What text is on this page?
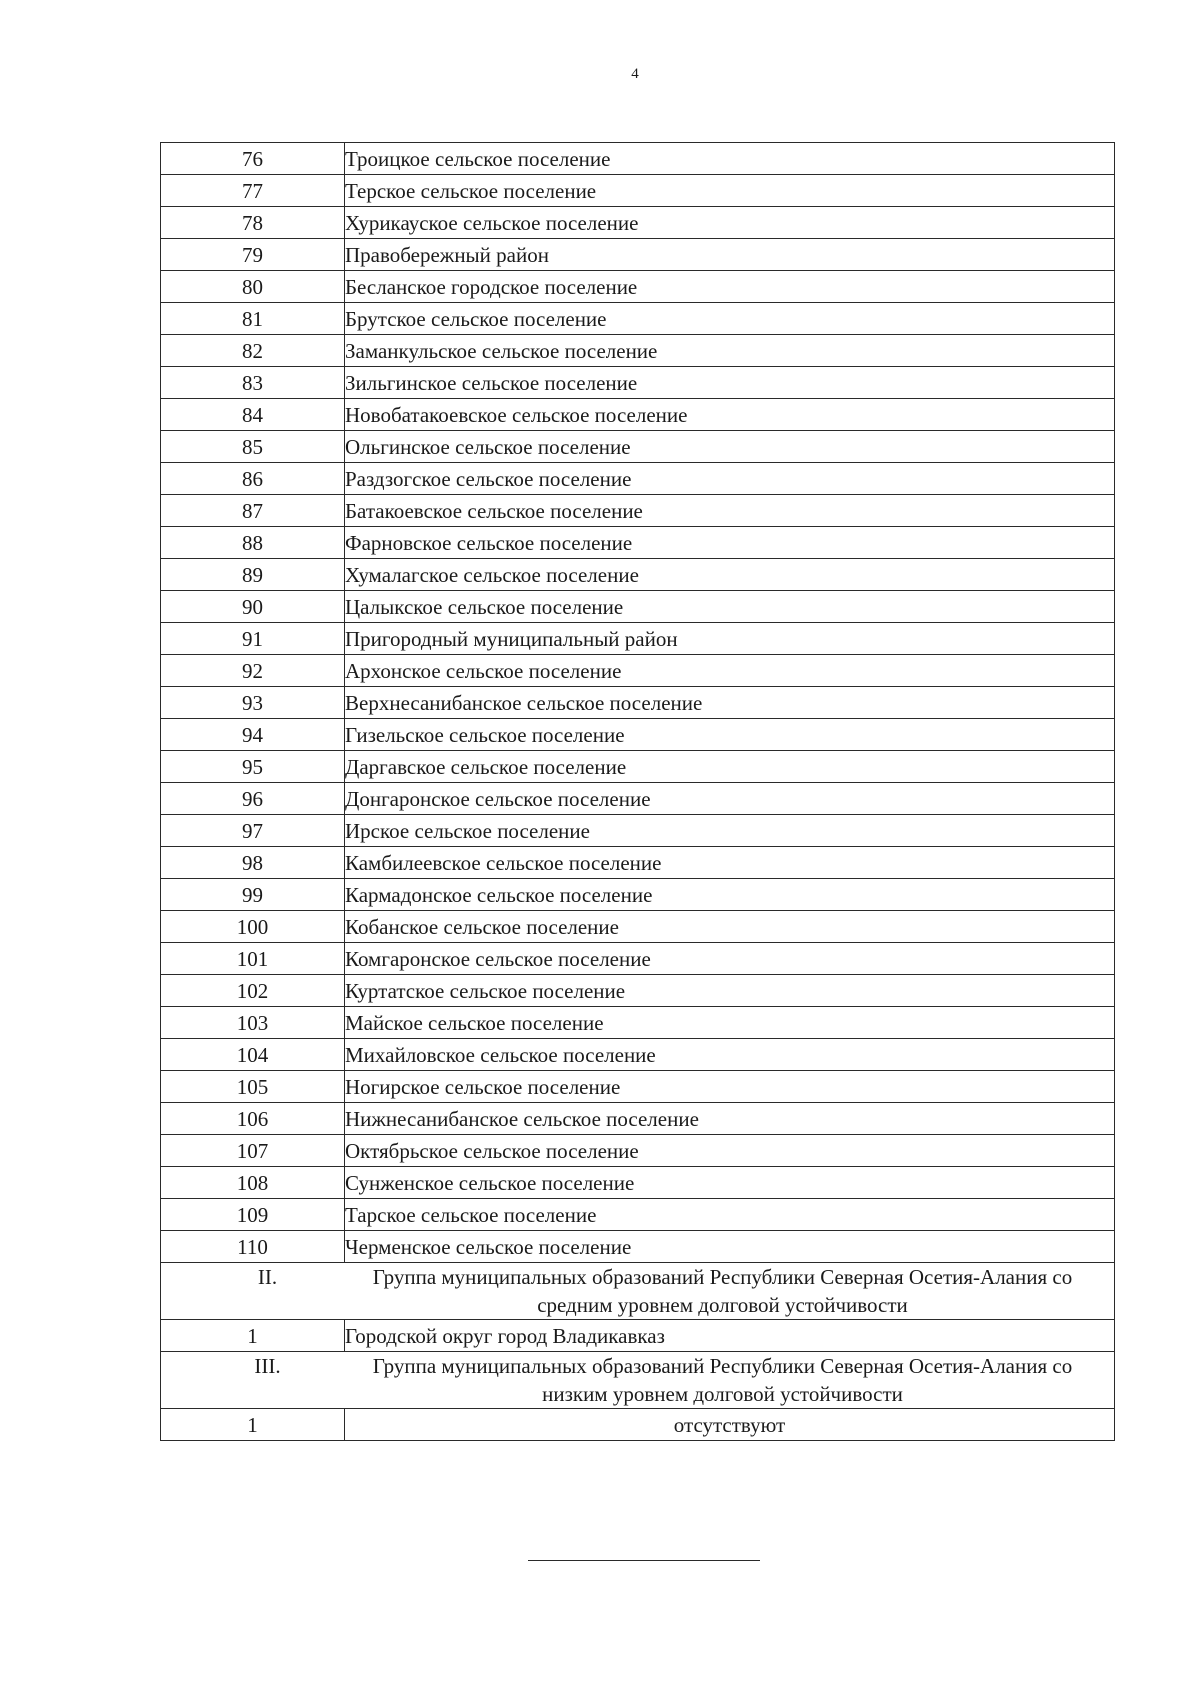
4
76	Троицкое сельское поселение
77	Терское сельское поселение
78	Хурикауское сельское поселение
79	Правобережный район
80	Бесланское городское поселение
81	Брутское сельское поселение
82	Заманкульское сельское поселение
83	Зильгинское сельское поселение
84	Новобатакоевское сельское поселение
85	Ольгинское сельское поселение
86	Раздзогское сельское поселение
87	Батакоевское сельское поселение
88	Фарновское сельское поселение
89	Хумалагское сельское поселение
90	Цалыкское сельское поселение
91	Пригородный муниципальный район
92	Архонское сельское поселение
93	Верхнесанибанское сельское поселение
94	Гизельское сельское поселение
95	Даргавское сельское поселение
96	Донгаронское сельское поселение
97	Ирское сельское поселение
98	Камбилеевское сельское поселение
99	Кармадонское сельское поселение
100	Кобанское сельское поселение
101	Комгаронское сельское поселение
102	Куртатское сельское поселение
103	Майское сельское поселение
104	Михайловское сельское поселение
105	Ногирское сельское поселение
106	Нижнесанибанское сельское поселение
107	Октябрьское сельское поселение
108	Сунженское сельское поселение
109	Тарское сельское поселение
110	Черменское сельское поселение
II. Группа муниципальных образований Республики Северная Осетия-Алания со
средним уровнем долговой устойчивости	
1	Городской округ город Владикавказ
III. Группа муниципальных образований Республики Северная Осетия-Алания со
низким уровнем долговой устойчивости	
1	отсутствуют
